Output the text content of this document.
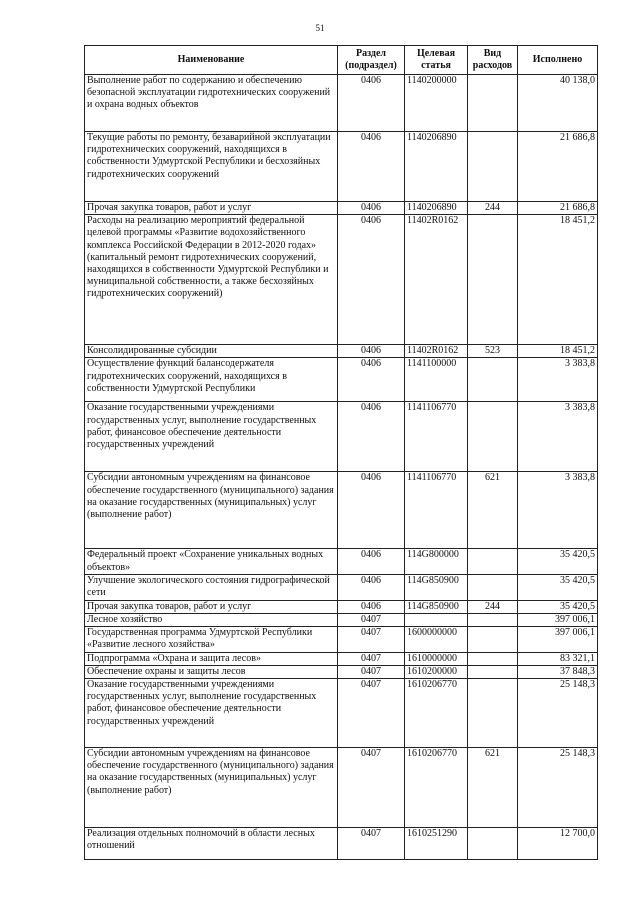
51
Наименование	Раздел (подраздел)	Целевая статья	Вид расходов	Исполнено
Выполнение работ по содержанию и обеспечению безопасной эксплуатации гидротехнических сооружений и охрана водных объектов	0406	1140200000		40 138,0
Текущие работы по ремонту, безаварийной эксплуатации гидротехнических сооружений, находящихся в собственности Удмуртской Республики и бесхозяйных гидротехнических сооружений	0406	1140206890		21 686,8
Прочая закупка товаров, работ и услуг	0406	1140206890	244	21 686,8
Расходы на реализацию мероприятий федеральной целевой программы «Развитие водохозяйственного комплекса Российской Федерации в 2012-2020 годах» (капитальный ремонт гидротехнических сооружений, находящихся в собственности Удмуртской Республики и муниципальной собственности, а также бесхозяйных гидротехнических сооружений)	0406	11402R0162		18 451,2
Консолидированные субсидии	0406	11402R0162	523	18 451,2
Осуществление функций балансодержателя гидротехнических сооружений, находящихся в собственности Удмуртской Республики	0406	1141100000		3 383,8
Оказание государственными учреждениями государственных услуг, выполнение государственных работ, финансовое обеспечение деятельности государственных учреждений	0406	1141106770		3 383,8
Субсидии автономным учреждениям на финансовое обеспечение государственного (муниципального) задания на оказание государственных (муниципальных) услуг (выполнение работ)	0406	1141106770	621	3 383,8
Федеральный проект «Сохранение уникальных водных объектов»	0406	114G800000		35 420,5
Улучшение экологического состояния гидрографической сети	0406	114G850900		35 420,5
Прочая закупка товаров, работ и услуг	0406	114G850900	244	35 420,5
Лесное хозяйство	0407			397 006,1
Государственная программа Удмуртской Республики «Развитие лесного хозяйства»	0407	1600000000		397 006,1
Подпрограмма «Охрана и защита лесов»	0407	1610000000		83 321,1
Обеспечение охраны и защиты лесов	0407	1610200000		37 848,3
Оказание государственными учреждениями государственных услуг, выполнение государственных работ, финансовое обеспечение деятельности государственных учреждений	0407	1610206770		25 148,3
Субсидии автономным учреждениям на финансовое обеспечение государственного (муниципального) задания на оказание государственных (муниципальных) услуг (выполнение работ)	0407	1610206770	621	25 148,3
Реализация отдельных полномочий в области лесных отношений	0407	1610251290		12 700,0
